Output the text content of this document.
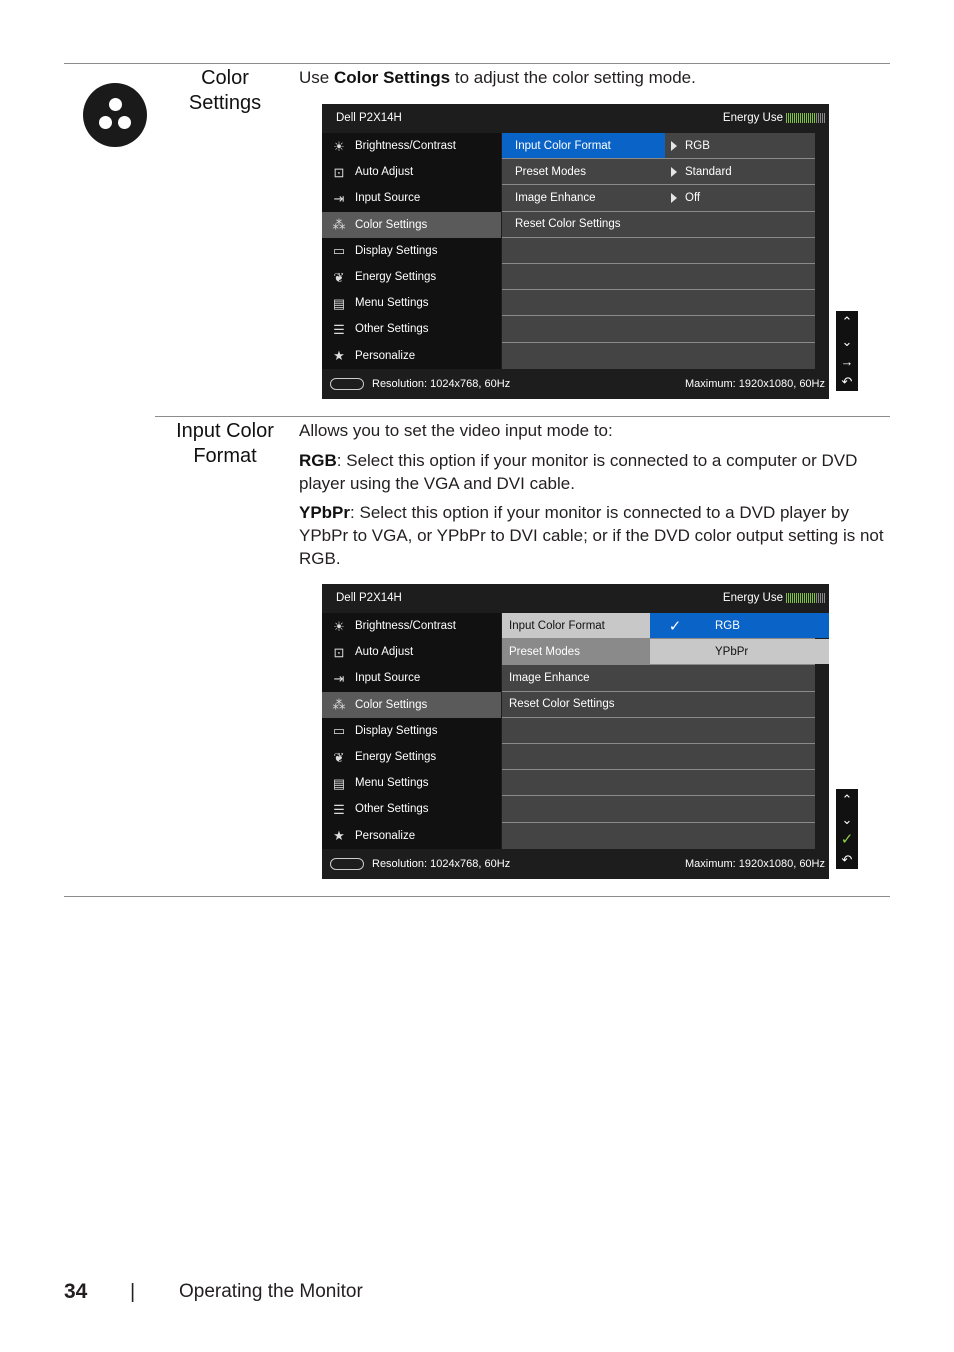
Color Settings

Use Color Settings to adjust the color setting mode.

Dell P2X14H	Energy Use
☀ Brightness/Contrast
⊡ Auto Adjust
⇥ Input Source
⁂ Color Settings
▭ Display Settings
❦ Energy Settings
▤ Menu Settings
☰ Other Settings
★ Personalize
Input Color Format	RGB
Preset Modes	Standard
Image Enhance	Off
Reset Color Settings
Resolution: 1024x768, 60Hz	Maximum: 1920x1080, 60Hz
⌃
⌄
→
↶
Input Color Format

Allows you to set the video input mode to:

RGB: Select this option if your monitor is connected to a computer or DVD player using the VGA and DVI cable.

YPbPr: Select this option if your monitor is connected to a DVD player by YPbPr to VGA, or YPbPr to DVI cable; or if the DVD color output setting is not RGB.

Dell P2X14H	Energy Use
☀ Brightness/Contrast
⊡ Auto Adjust
⇥ Input Source
⁂ Color Settings
▭ Display Settings
❦ Energy Settings
▤ Menu Settings
☰ Other Settings
★ Personalize
Input Color Format
Preset Modes
Image Enhance
Reset Color Settings
✓	RGB
YPbPr
Resolution: 1024x768, 60Hz	Maximum: 1920x1080, 60Hz
⌃
⌄
✓
↶
34 | Operating the Monitor
